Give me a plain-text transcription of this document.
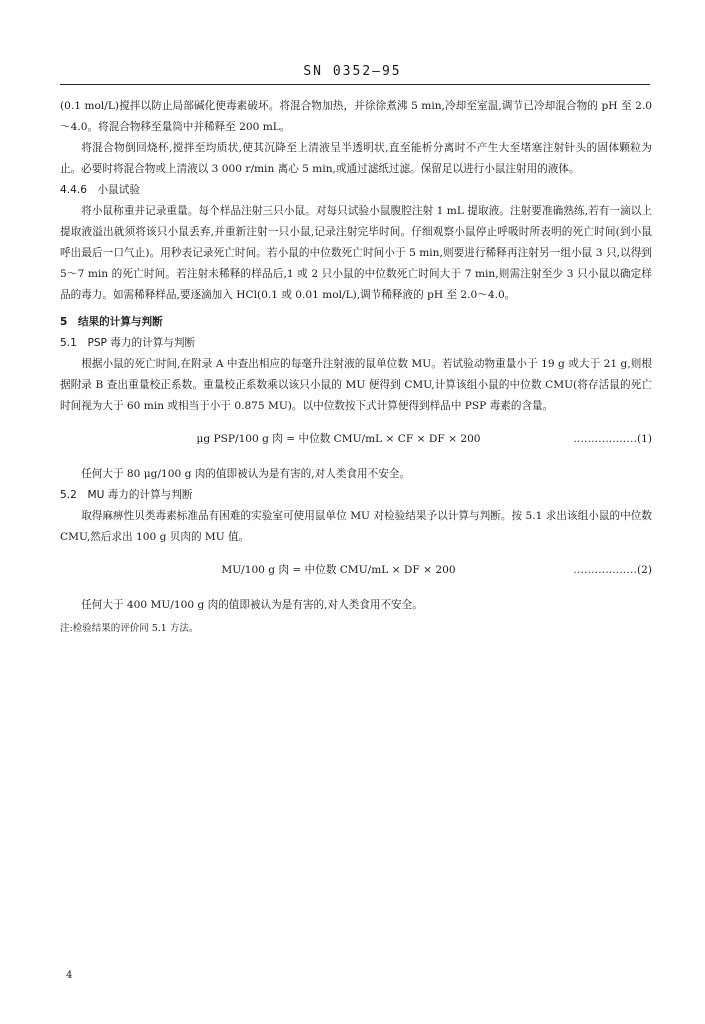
SN 0352—95

(0.1 mol/L)搅拌以防止局部碱化使毒素破坏。将混合物加热，并徐徐煮沸 5 min,冷却至室温,调节已冷却混合物的 pH 至 2.0～4.0。将混合物移至量筒中并稀释至 200 mL。

将混合物倒回烧杯,搅拌至均质状,使其沉降至上清液呈半透明状,直至能析分离时不产生大至堵塞注射针头的固体颗粒为止。必要时将混合物或上清液以 3 000 r/min 离心 5 min,或通过滤纸过滤。保留足以进行小鼠注射用的液体。

4.4.6　小鼠试验

将小鼠称重并记录重量。每个样品注射三只小鼠。对每只试验小鼠腹腔注射 1 mL 提取液。注射要准确熟练,若有一滴以上提取液溢出就须将该只小鼠丢弃,并重新注射一只小鼠,记录注射完毕时间。仔细观察小鼠停止呼吸时所表明的死亡时间(到小鼠呼出最后一口气止)。用秒表记录死亡时间。若小鼠的中位数死亡时间小于 5 min,则要进行稀释再注射另一组小鼠 3 只,以得到 5～7 min 的死亡时间。若注射未稀释的样品后,1 或 2 只小鼠的中位数死亡时间大于 7 min,则需注射至少 3 只小鼠以确定样品的毒力。如需稀释样品,要逐滴加入 HCl(0.1 或 0.01 mol/L),调节稀释液的 pH 至 2.0～4.0。

5　结果的计算与判断

5.1　PSP 毒力的计算与判断

根据小鼠的死亡时间,在附录 A 中查出相应的每毫升注射液的鼠单位数 MU。若试验动物重量小于 19 g 或大于 21 g,则根据附录 B 查出重量校正系数。重量校正系数乘以该只小鼠的 MU 便得到 CMU,计算该组小鼠的中位数 CMU(将存活鼠的死亡时间视为大于 60 min 或相当于小于 0.875 MU)。以中位数按下式计算便得到样品中 PSP 毒素的含量。

μg PSP/100 g 肉 = 中位数 CMU/mL × CF × DF × 200	………………(1)

任何大于 80 μg/100 g 肉的值即被认为是有害的,对人类食用不安全。

5.2　MU 毒力的计算与判断

取得麻痹性贝类毒素标准品有困难的实验室可使用鼠单位 MU 对检验结果予以计算与判断。按 5.1 求出该组小鼠的中位数 CMU,然后求出 100 g 贝肉的 MU 值。

MU/100 g 肉 = 中位数 CMU/mL × DF × 200	………………(2)

任何大于 400 MU/100 g 肉的值即被认为是有害的,对人类食用不安全。

注:检验结果的评价同 5.1 方法。

4
